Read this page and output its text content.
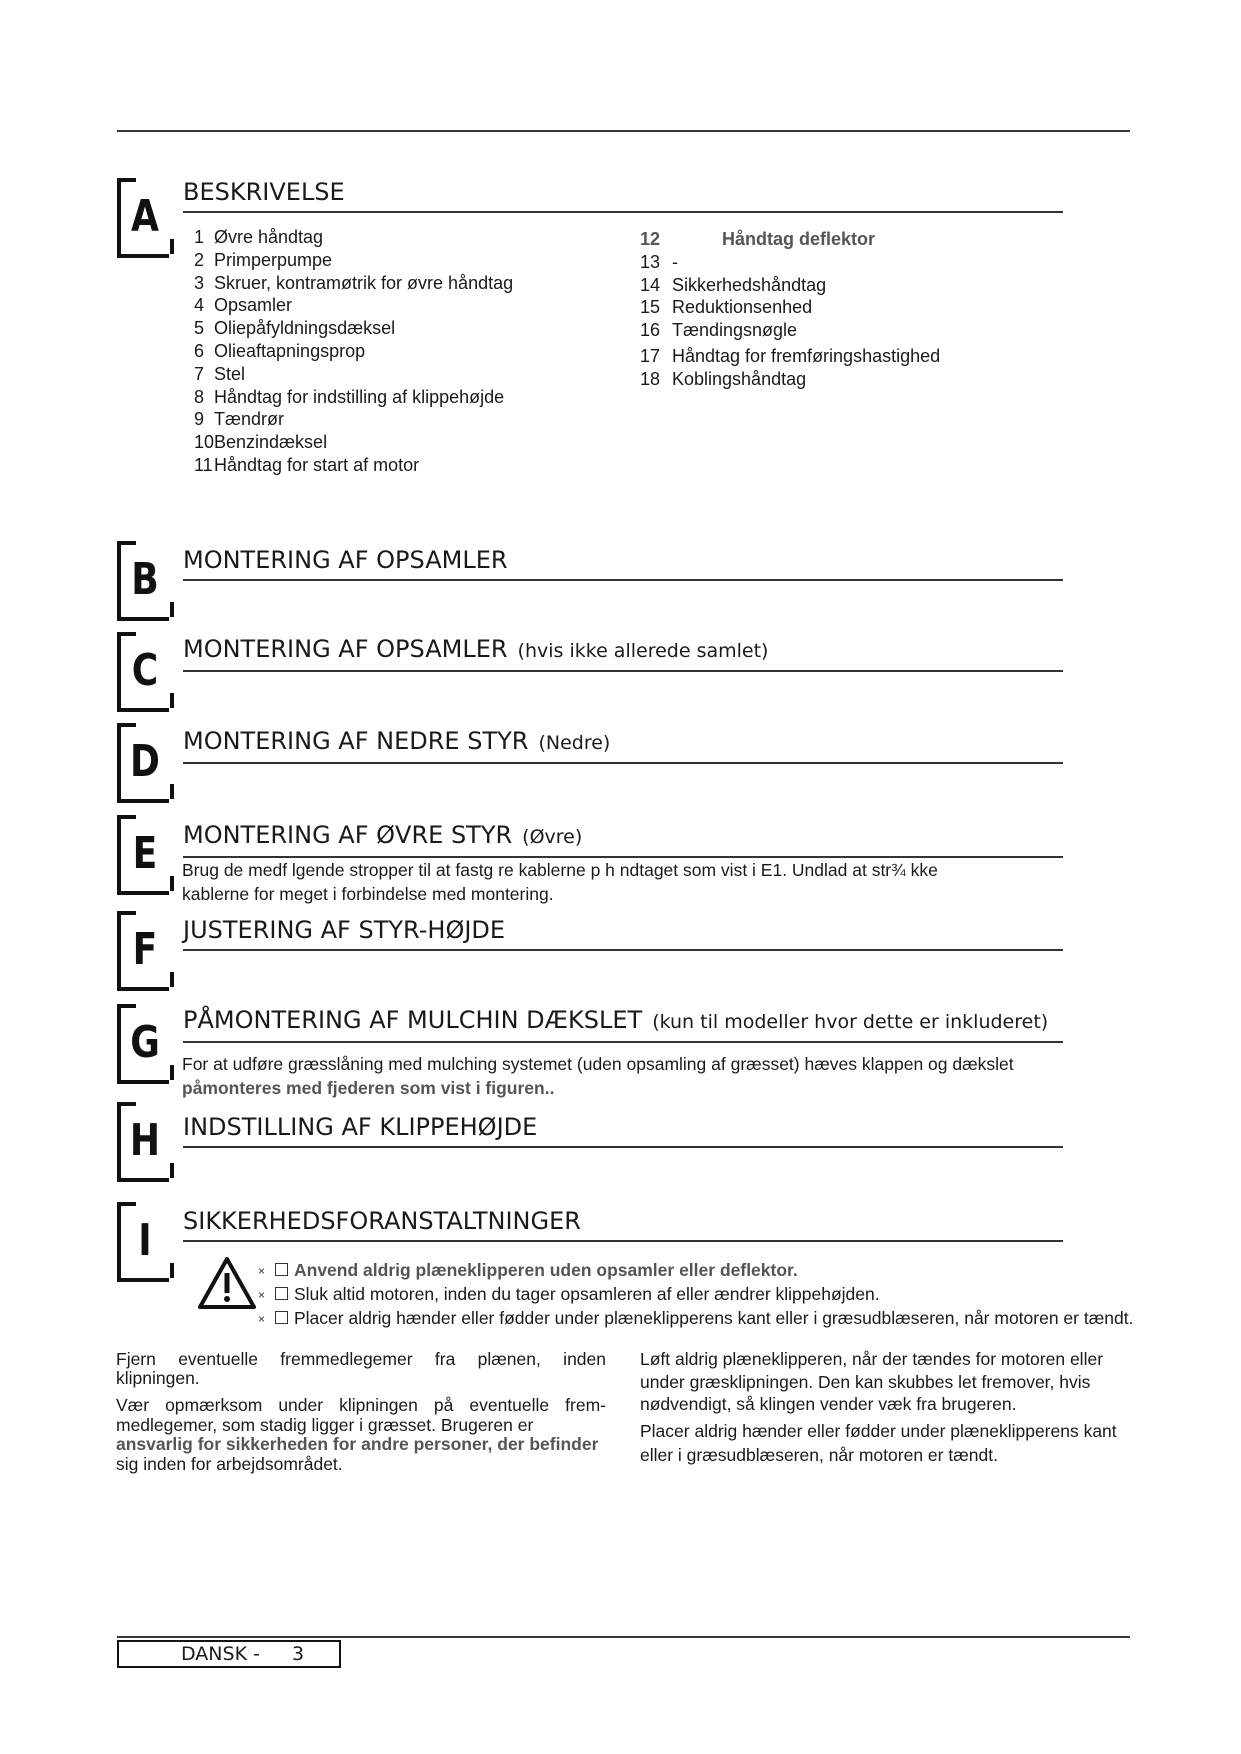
A BESKRIVELSE
1 Øvre håndtag
2 Primperpumpe
3 Skruer, kontramøtrik for øvre håndtag
4 Opsamler
5 Oliepåfyldningsdæksel
6 Olieaftapningsprop
7 Stel
8 Håndtag for indstilling af klippehøjde
9 Tændrør
10Benzindæksel
11Håndtag for start af motor
12	Håndtag deflektor
13 -
14 Sikkerhedshåndtag
15 Reduktionsenhed
16 Tændingsnøgle
17 Håndtag for fremføringshastighed
18 Koblingshåndtag
B MONTERING AF OPSAMLER
C MONTERING AF OPSAMLER (hvis ikke allerede samlet)
D MONTERING AF NEDRE STYR (Nedre)
E	MONTERING AF ØVRE STYR (Øvre)
Brug de medf lgende stropper til at fastg re kablerne p h ndtaget som vist i E1. Undlad at str¾ kke
kablerne for meget i forbindelse med montering.
F	JUSTERING AF STYR-HØJDE
G PÅMONTERING AF MULCHIN DÆKSLET (kun til modeller hvor dette er inkluderet)
For at udføre græsslåning med mulching systemet (uden opsamling af græsset) hæves klappen og dækslet
påmonteres med fjederen som vist i figuren..
H INDSTILLING AF KLIPPEHØJDE
I	SIKKERHEDSFORANSTALTNINGER
×Anvend aldrig plæneklipperen uden opsamler eller deflektor.
×Sluk altid motoren, inden du tager opsamleren af eller ændrer klippehøjden.
×Placer aldrig hænder eller fødder under plæneklipperens kant eller i græsudblæseren, når motoren er tændt.
Fjern eventuelle fremmedlegemer fra plænen, inden klipningen.
Vær opmærksom under klipningen på eventuelle frem-medlegemer, som stadig ligger i græsset. Brugeren er
ansvarlig for sikkerheden for andre personer, der befinder
sig inden for arbejdsområdet.
Løft aldrig plæneklipperen, når der tændes for motoren eller under græsklipningen. Den kan skubbes let fremover, hvis nødvendigt, så klingen vender væk fra brugeren.
Placer aldrig hænder eller fødder under plæneklipperens kant eller i græsudblæseren, når motoren er tændt.
DANSK - 3
